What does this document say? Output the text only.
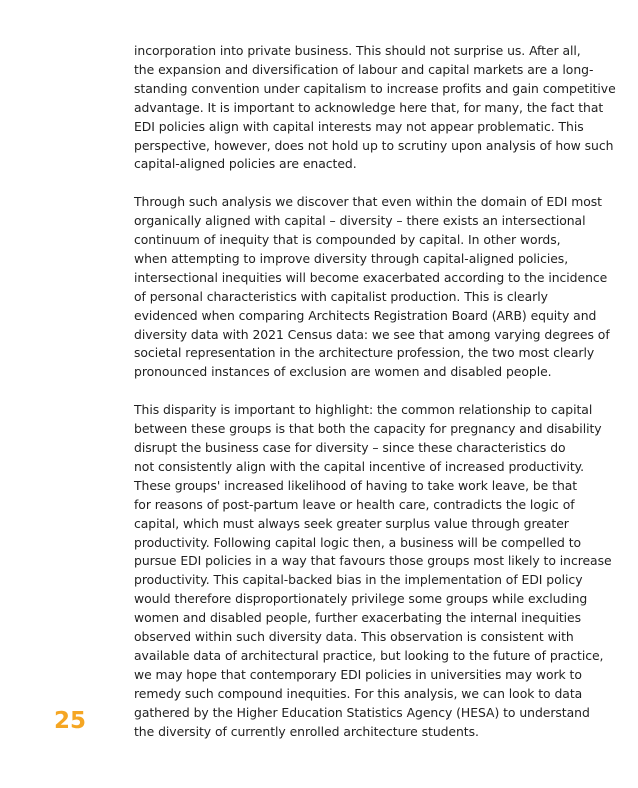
incorporation into private business. This should not surprise us. After all,
the expansion and diversification of labour and capital markets are a long-
standing convention under capitalism to increase profits and gain competitive
advantage. It is important to acknowledge here that, for many, the fact that
EDI policies align with capital interests may not appear problematic. This
perspective, however, does not hold up to scrutiny upon analysis of how such
capital-aligned policies are enacted.

Through such analysis we discover that even within the domain of EDI most
organically aligned with capital – diversity – there exists an intersectional
continuum of inequity that is compounded by capital. In other words,
when attempting to improve diversity through capital-aligned policies,
intersectional inequities will become exacerbated according to the incidence
of personal characteristics with capitalist production. This is clearly
evidenced when comparing Architects Registration Board (ARB) equity and
diversity data with 2021 Census data: we see that among varying degrees of
societal representation in the architecture profession, the two most clearly
pronounced instances of exclusion are women and disabled people.

This disparity is important to highlight: the common relationship to capital
between these groups is that both the capacity for pregnancy and disability
disrupt the business case for diversity – since these characteristics do
not consistently align with the capital incentive of increased productivity.
These groups' increased likelihood of having to take work leave, be that
for reasons of post-partum leave or health care, contradicts the logic of
capital, which must always seek greater surplus value through greater
productivity. Following capital logic then, a business will be compelled to
pursue EDI policies in a way that favours those groups most likely to increase
productivity. This capital-backed bias in the implementation of EDI policy
would therefore disproportionately privilege some groups while excluding
women and disabled people, further exacerbating the internal inequities
observed within such diversity data. This observation is consistent with
available data of architectural practice, but looking to the future of practice,
we may hope that contemporary EDI policies in universities may work to
remedy such compound inequities. For this analysis, we can look to data
gathered by the Higher Education Statistics Agency (HESA) to understand
the diversity of currently enrolled architecture students.

25
